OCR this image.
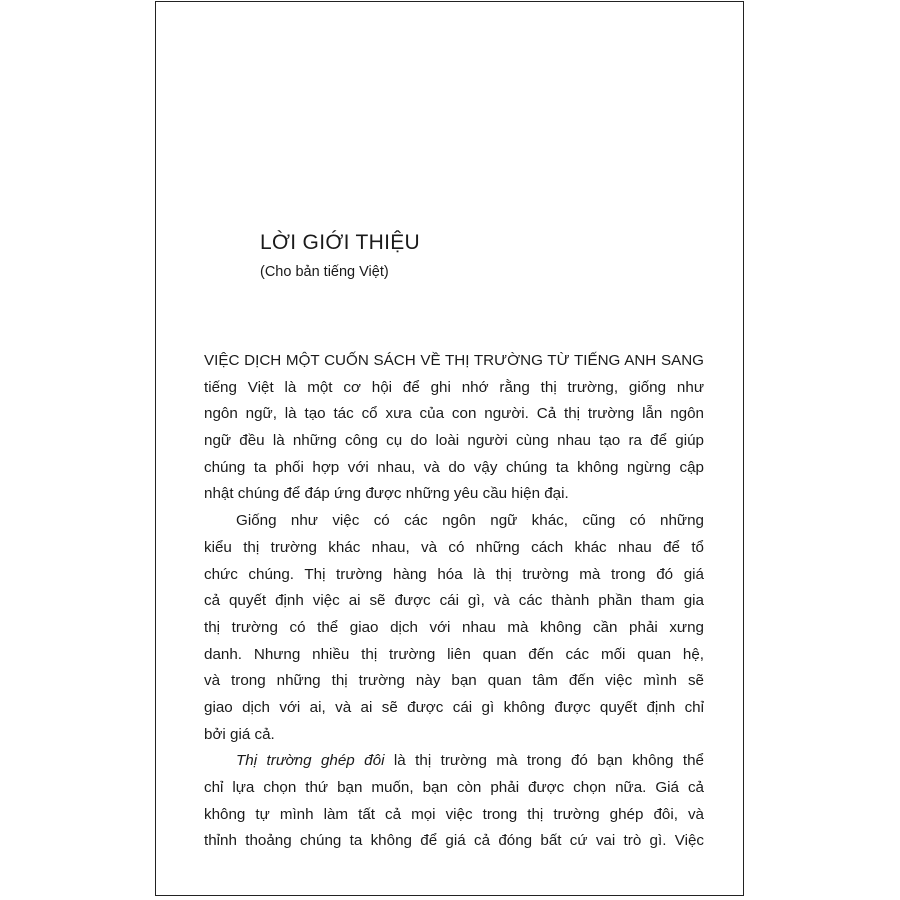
LỜI GIỚI THIỆU
(Cho bản tiếng Việt)
VIỆC DỊCH MỘT CUỐN SÁCH VỀ THỊ TRƯỜNG TỪ TIẾNG ANH SANG
tiếng Việt là một cơ hội để ghi nhớ rằng thị trường, giống như
ngôn ngữ, là tạo tác cổ xưa của con người. Cả thị trường lẫn ngôn
ngữ đều là những công cụ do loài người cùng nhau tạo ra để giúp
chúng ta phối hợp với nhau, và do vậy chúng ta không ngừng cập
nhật chúng để đáp ứng được những yêu cầu hiện đại.
Giống như việc có các ngôn ngữ khác, cũng có những
kiểu thị trường khác nhau, và có những cách khác nhau để tổ
chức chúng. Thị trường hàng hóa là thị trường mà trong đó giá
cả quyết định việc ai sẽ được cái gì, và các thành phần tham gia
thị trường có thể giao dịch với nhau mà không cần phải xưng
danh. Nhưng nhiều thị trường liên quan đến các mối quan hệ,
và trong những thị trường này bạn quan tâm đến việc mình sẽ
giao dịch với ai, và ai sẽ được cái gì không được quyết định chỉ
bởi giá cả.
Thị trường ghép đôi là thị trường mà trong đó bạn không thể
chỉ lựa chọn thứ bạn muốn, bạn còn phải được chọn nữa. Giá cả
không tự mình làm tất cả mọi việc trong thị trường ghép đôi, và
thỉnh thoảng chúng ta không để giá cả đóng bất cứ vai trò gì. Việc
